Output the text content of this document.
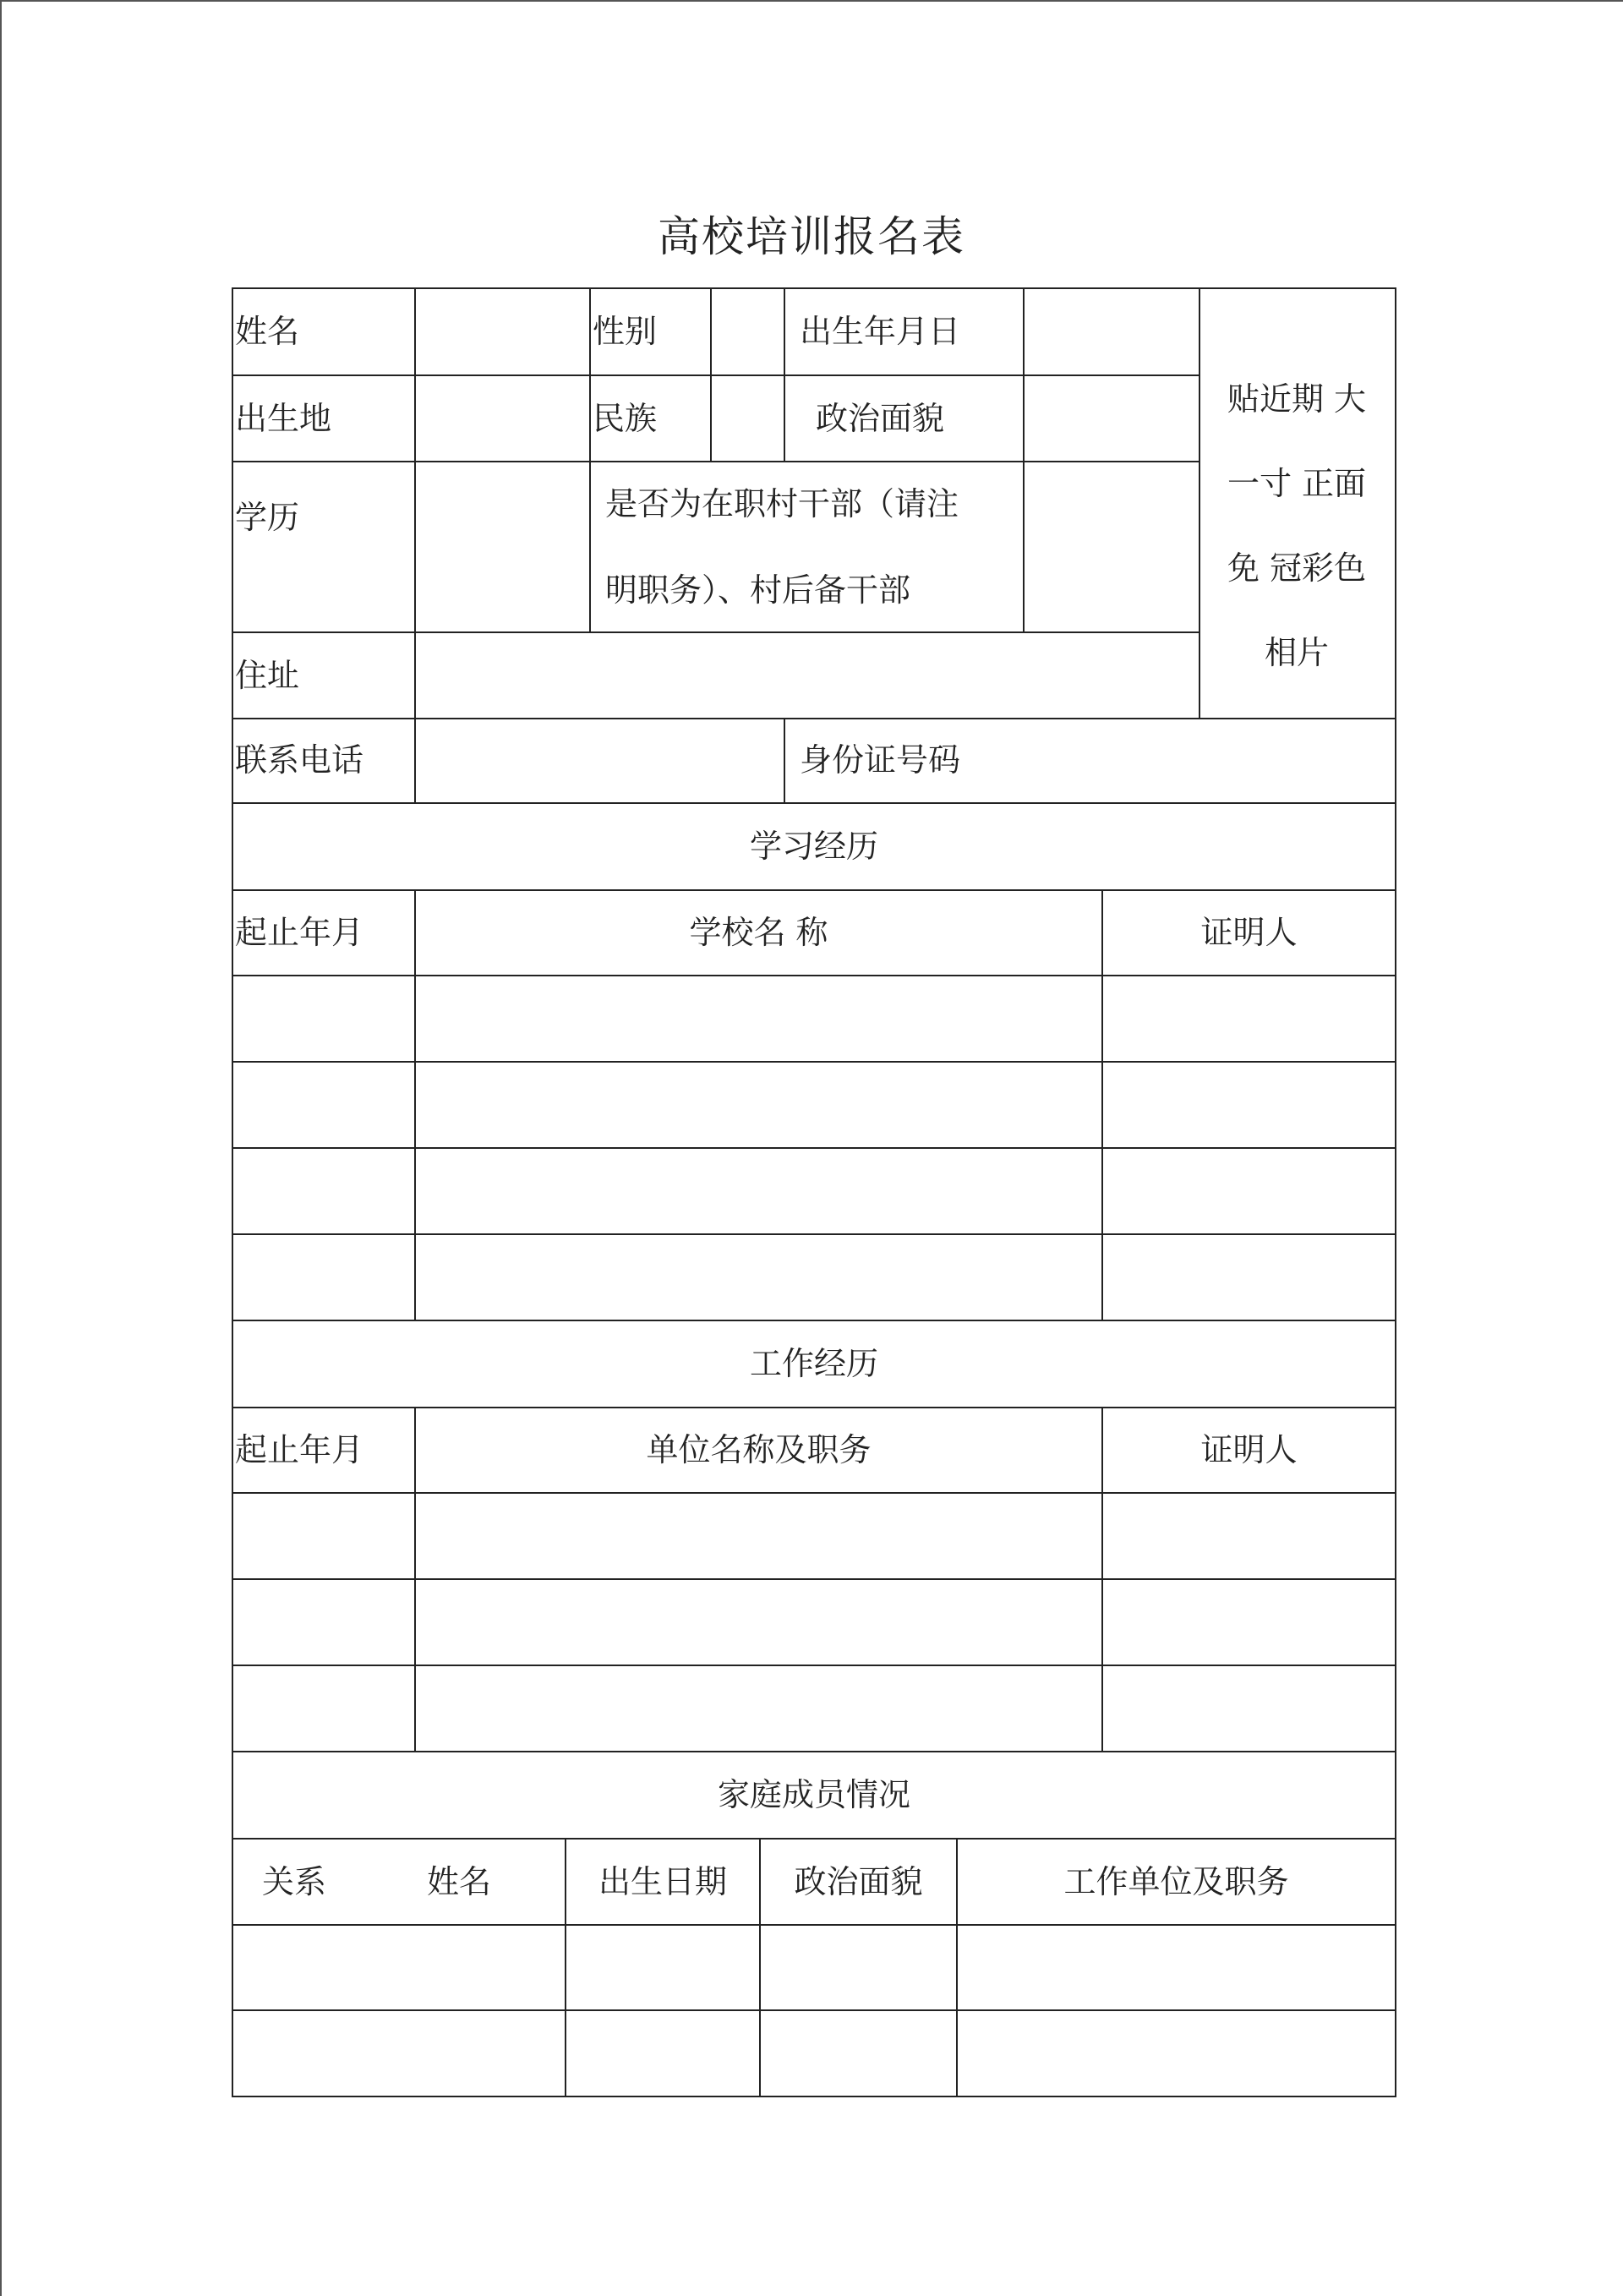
高校培训报名表
姓名	性别	出生年月日
出生地	民族	政治面貌
学历	是否为在职村干部（请注
明职务）、村后备干部
住址
联系电话	身份证号码
贴近期 大
一寸 正面
免 冠彩色
相片
学习经历
起止年月	学校名 称	证明人
工作经历
起止年月	单位名称及职务	证明人
家庭成员情况
关系	姓名	出生日期	政治面貌	工作单位及职务
